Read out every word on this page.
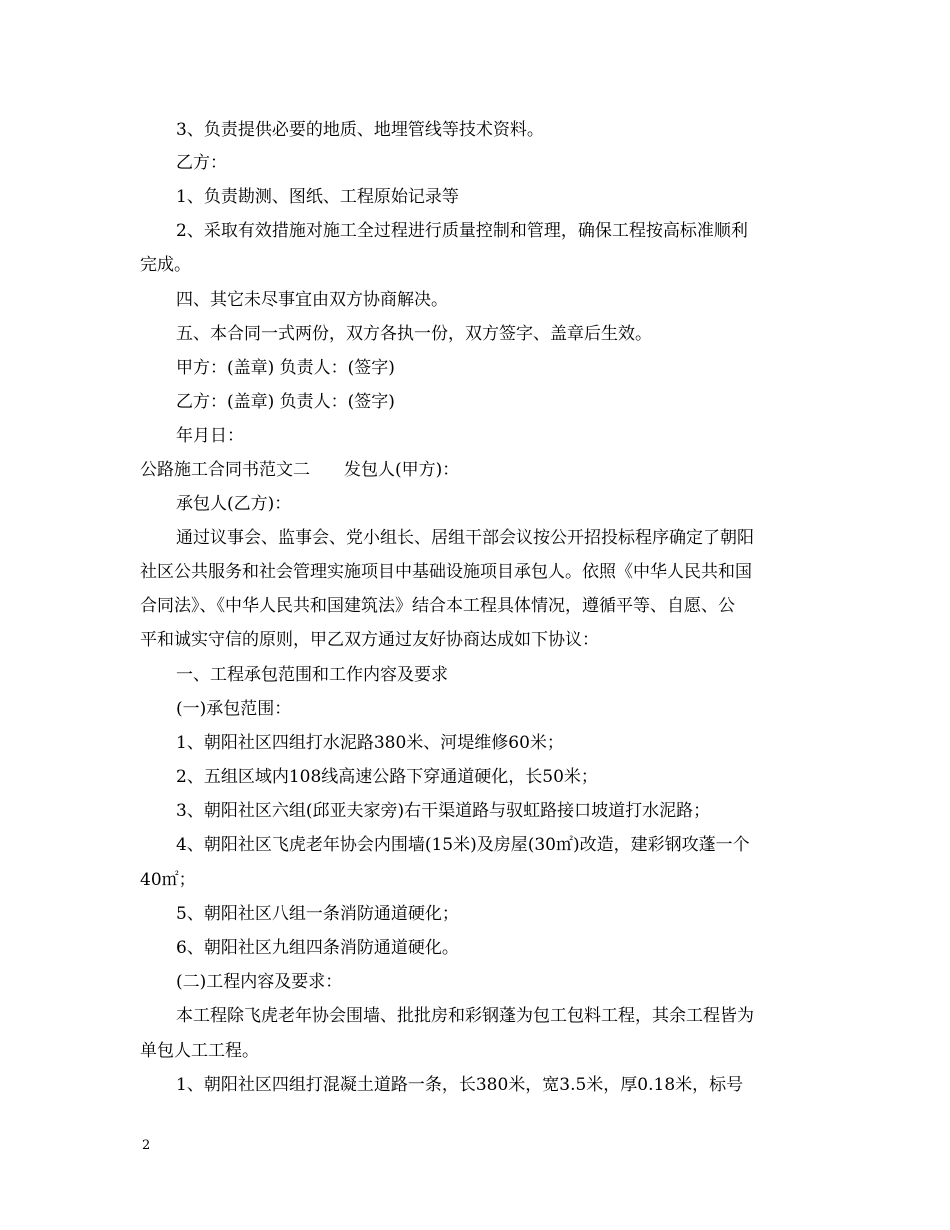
3、负责提供必要的地质、地埋管线等技术资料。
乙方：
1、负责勘测、图纸、工程原始记录等
2、采取有效措施对施工全过程进行质量控制和管理，确保工程按高标准顺利
完成。
四、其它未尽事宜由双方协商解决。
五、本合同一式两份，双方各执一份，双方签字、盖章后生效。
甲方：(盖章) 负责人：(签字)
乙方：(盖章) 负责人：(签字)
年月日：
公路施工合同书范文二　　发包人(甲方)：
承包人(乙方)：
通过议事会、监事会、党小组长、居组干部会议按公开招投标程序确定了朝阳
社区公共服务和社会管理实施项目中基础设施项目承包人。依照《中华人民共和国
合同法》、《中华人民共和国建筑法》结合本工程具体情况，遵循平等、自愿、公
平和诚实守信的原则，甲乙双方通过友好协商达成如下协议：
一、工程承包范围和工作内容及要求
(一)承包范围：
1、朝阳社区四组打水泥路380米、河堤维修60米；
2、五组区域内108线高速公路下穿通道硬化，长50米；
3、朝阳社区六组(邱亚夫家旁)右干渠道路与驭虹路接口坡道打水泥路；
4、朝阳社区飞虎老年协会内围墙(15米)及房屋(30㎡)改造，建彩钢攻蓬一个
40㎡；
5、朝阳社区八组一条消防通道硬化；
6、朝阳社区九组四条消防通道硬化。
(二)工程内容及要求：
本工程除飞虎老年协会围墙、批批房和彩钢蓬为包工包料工程，其余工程皆为
单包人工工程。
1、朝阳社区四组打混凝土道路一条，长380米，宽3.5米，厚0.18米，标号
2
